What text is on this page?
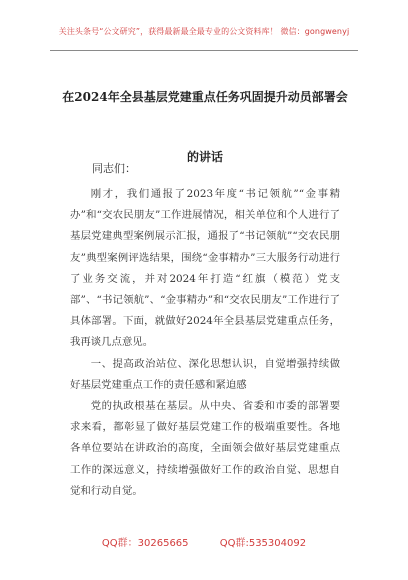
关注头条号“公文研究”，获得最新最全最专业的公文资料库！ 微信：gongwenyj
在2024年全县基层党建重点任务巩固提升动员部署会的讲话
同志们：

刚才，我们通报了2023年度“书记领航”“金事精办”和“交农民朋友”工作进展情况，相关单位和个人进行了基层党建典型案例展示汇报，通报了“书记领航”“交农民朋友”典型案例评选结果，围绕“金事精办”三大服务行动进行了业务交流，并对2024年打造“红旗（模范）党支部”、“书记领航”、“金事精办”和“交农民朋友”工作进行了具体部署。下面，就做好2024年全县基层党建重点任务，我再谈几点意见。

一、提高政治站位、深化思想认识，自觉增强持续做好基层党建重点工作的责任感和紧迫感

党的执政根基在基层。从中央、省委和市委的部署要求来看，都彰显了做好基层党建工作的极端重要性。各地各单位要站在讲政治的高度，全面领会做好基层党建重点工作的深远意义，持续增强做好工作的政治自觉、思想自觉和行动自觉。

QQ群：30265665	QQ群:535304092
